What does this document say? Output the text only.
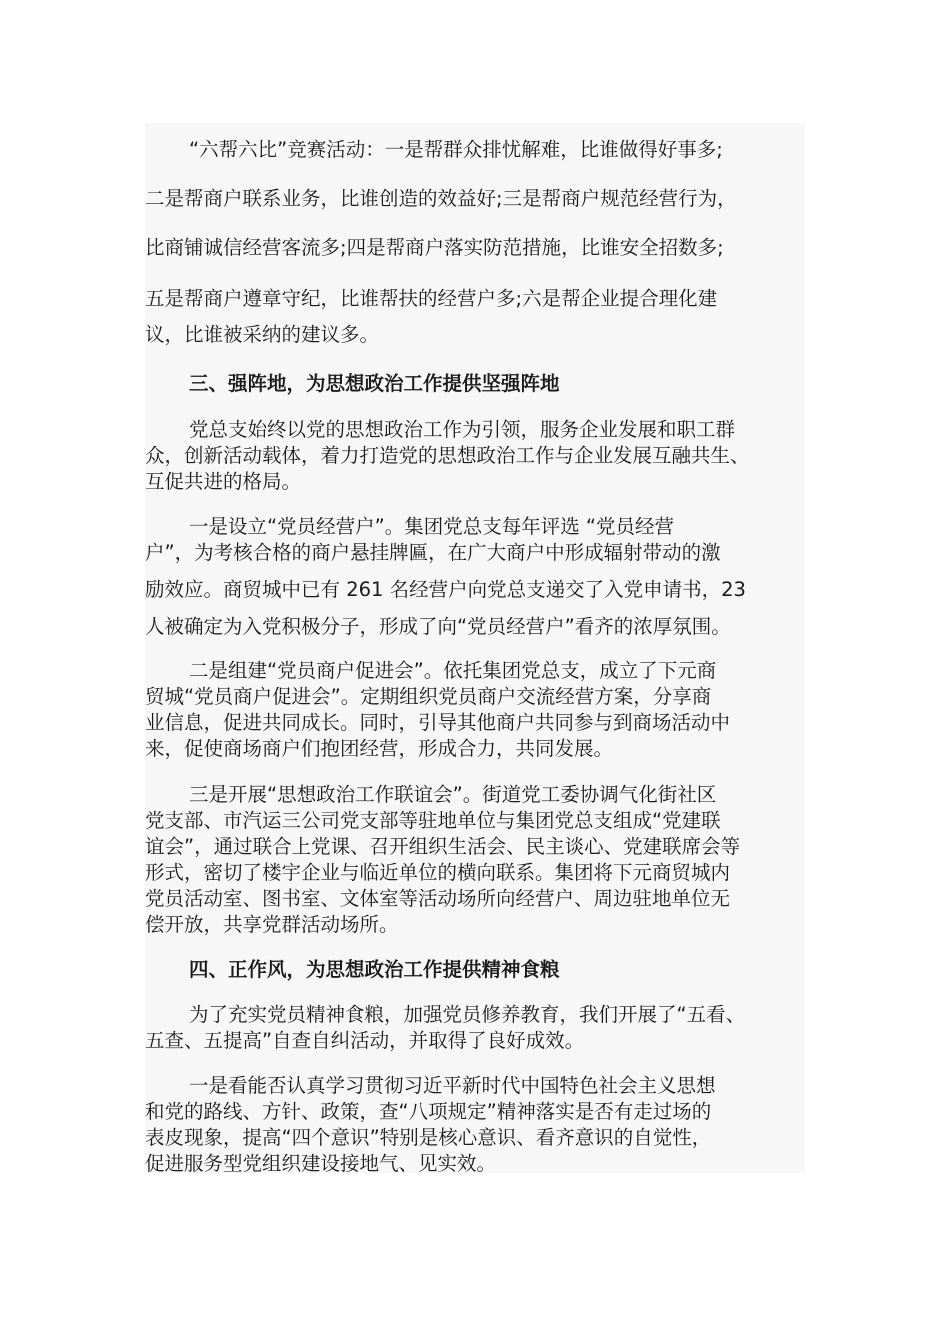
“六帮六比”竞赛活动：一是帮群众排忧解难，比谁做得好事多;
二是帮商户联系业务，比谁创造的效益好;三是帮商户规范经营行为，
比商铺诚信经营客流多;四是帮商户落实防范措施，比谁安全招数多;
五是帮商户遵章守纪，比谁帮扶的经营户多;六是帮企业提合理化建
议，比谁被采纳的建议多。
三、强阵地，为思想政治工作提供坚强阵地
党总支始终以党的思想政治工作为引领，服务企业发展和职工群
众，创新活动载体，着力打造党的思想政治工作与企业发展互融共生、
互促共进的格局。
一是设立“党员经营户”。集团党总支每年评选 “党员经营
户”，为考核合格的商户悬挂牌匾，在广大商户中形成辐射带动的激
励效应。商贸城中已有 261 名经营户向党总支递交了入党申请书，23
人被确定为入党积极分子，形成了向“党员经营户”看齐的浓厚氛围。
二是组建“党员商户促进会”。依托集团党总支，成立了下元商
贸城“党员商户促进会”。定期组织党员商户交流经营方案，分享商
业信息，促进共同成长。同时，引导其他商户共同参与到商场活动中
来，促使商场商户们抱团经营，形成合力，共同发展。
三是开展“思想政治工作联谊会”。街道党工委协调气化街社区
党支部、市汽运三公司党支部等驻地单位与集团党总支组成“党建联
谊会”，通过联合上党课、召开组织生活会、民主谈心、党建联席会等
形式，密切了楼宇企业与临近单位的横向联系。集团将下元商贸城内
党员活动室、图书室、文体室等活动场所向经营户、周边驻地单位无
偿开放，共享党群活动场所。
四、正作风，为思想政治工作提供精神食粮
为了充实党员精神食粮，加强党员修养教育，我们开展了“五看、
五查、五提高”自查自纠活动，并取得了良好成效。
一是看能否认真学习贯彻习近平新时代中国特色社会主义思想
和党的路线、方针、政策，查“八项规定”精神落实是否有走过场的
表皮现象，提高“四个意识”特别是核心意识、看齐意识的自觉性，
促进服务型党组织建设接地气、见实效。
